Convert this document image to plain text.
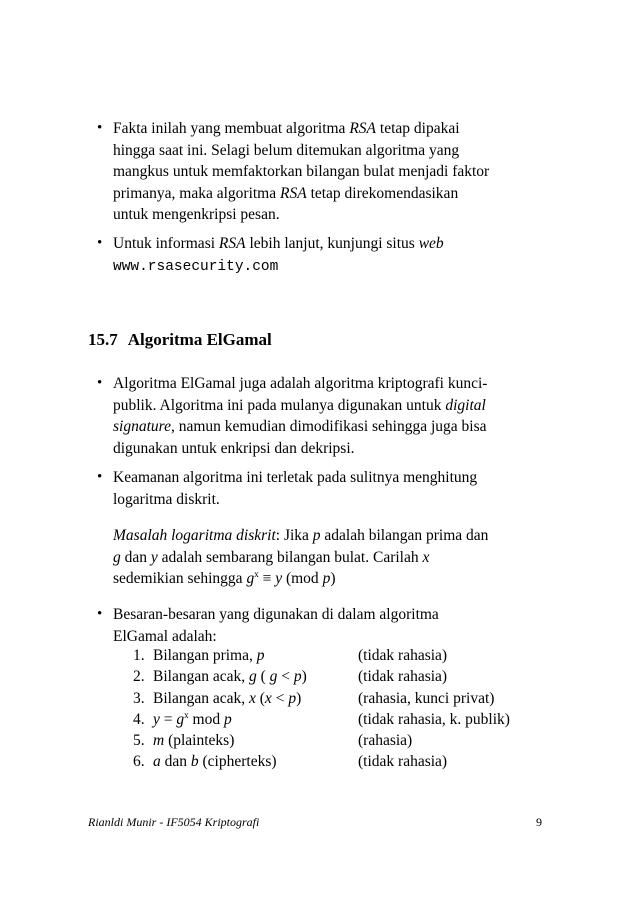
• Fakta inilah yang membuat algoritma RSA tetap dipakai
hingga saat ini. Selagi belum ditemukan algoritma yang
mangkus untuk memfaktorkan bilangan bulat menjadi faktor
primanya, maka algoritma RSA tetap direkomendasikan
untuk mengenkripsi pesan.
• Untuk informasi RSA lebih lanjut, kunjungi situs web
www.rsasecurity.com
15.7 Algoritma ElGamal
• Algoritma ElGamal juga adalah algoritma kriptografi kunci-
publik. Algoritma ini pada mulanya digunakan untuk digital
signature, namun kemudian dimodifikasi sehingga juga bisa
digunakan untuk enkripsi dan dekripsi.
• Keamanan algoritma ini terletak pada sulitnya menghitung
logaritma diskrit.
Masalah logaritma diskrit: Jika p adalah bilangan prima dan
g dan y adalah sembarang bilangan bulat. Carilah x
sedemikian sehingga $g^x \equiv y$ (mod p)
• Besaran-besaran yang digunakan di dalam algoritma
ElGamal adalah:
1. Bilangan prima, p	(tidak rahasia)
2. Bilangan acak, g ( g < p)	(tidak rahasia)
3. Bilangan acak, x (x < p)	(rahasia, kunci privat)
4. $y = g^x$ mod p	(tidak rahasia, k. publik)
5. m (plainteks)	(rahasia)
6. a dan b (cipherteks)	(tidak rahasia)
Rianldi Munir - IF5054 Kriptografi	9
